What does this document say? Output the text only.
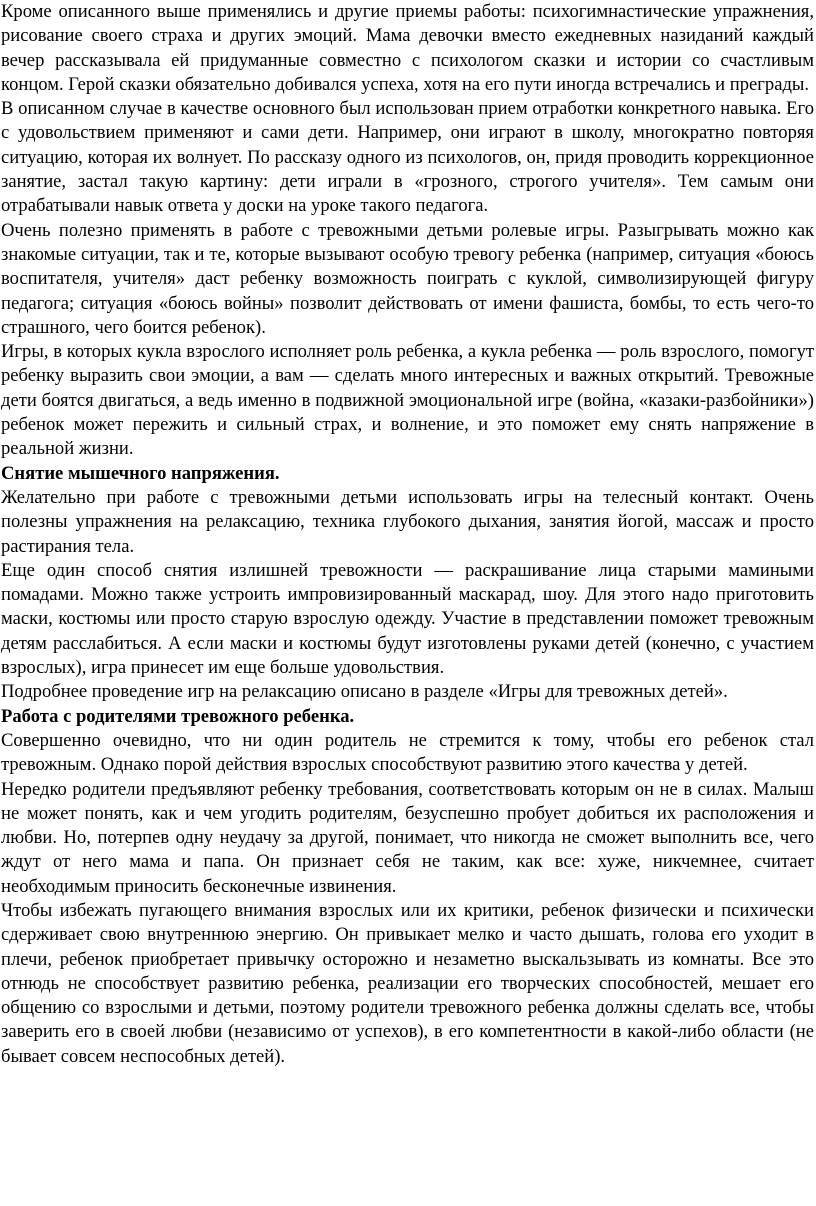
Кроме описанного выше применялись и другие приемы работы: психогимнастические упражнения, рисование своего страха и других эмоций. Мама девочки вместо ежедневных назиданий каждый вечер рассказывала ей придуманные совместно с психологом сказки и истории со счастливым концом. Герой сказки обязательно добивался успеха, хотя на его пути иногда встречались и преграды.

В описанном случае в качестве основного был использован прием отработки конкретного навыка. Его с удовольствием применяют и сами дети. Например, они играют в школу, многократно повторяя ситуацию, которая их волнует. По рассказу одного из психологов, он, придя проводить коррекционное занятие, застал такую картину: дети играли в «грозного, строгого учителя». Тем самым они отрабатывали навык ответа у доски на уроке такого педагога.

Очень полезно применять в работе с тревожными детьми ролевые игры. Разыгрывать можно как знакомые ситуации, так и те, которые вызывают особую тревогу ребенка (например, ситуация «боюсь воспитателя, учителя» даст ребенку возможность поиграть с куклой, символизирующей фигуру педагога; ситуация «боюсь войны» позволит действовать от имени фашиста, бомбы, то есть чего-то страшного, чего боится ребенок).

Игры, в которых кукла взрослого исполняет роль ребенка, а кукла ребенка — роль взрослого, помогут ребенку выразить свои эмоции, а вам — сделать много интересных и важных открытий. Тревожные дети боятся двигаться, а ведь именно в подвижной эмоциональной игре (война, «казаки-разбойники») ребенок может пережить и сильный страх, и волнение, и это поможет ему снять напряжение в реальной жизни.

Снятие мышечного напряжения.

Желательно при работе с тревожными детьми использовать игры на телесный контакт. Очень полезны упражнения на релаксацию, техника глубокого дыхания, занятия йогой, массаж и просто растирания тела.

Еще один способ снятия излишней тревожности — раскрашивание лица старыми мамиными помадами. Можно также устроить импровизированный маскарад, шоу. Для этого надо приготовить маски, костюмы или просто старую взрослую одежду. Участие в представлении поможет тревожным детям расслабиться. А если маски и костюмы будут изготовлены руками детей (конечно, с участием взрослых), игра принесет им еще больше удовольствия.

Подробнее проведение игр на релаксацию описано в разделе «Игры для тревожных детей».

Работа с родителями тревожного ребенка.

Совершенно очевидно, что ни один родитель не стремится к тому, чтобы его ребенок стал тревожным. Однако порой действия взрослых способствуют развитию этого качества у детей.

Нередко родители предъявляют ребенку требования, соответствовать которым он не в силах. Малыш не может понять, как и чем угодить родителям, безуспешно пробует добиться их расположения и любви. Но, потерпев одну неудачу за другой, понимает, что никогда не сможет выполнить все, чего ждут от него мама и папа. Он признает себя не таким, как все: хуже, никчемнее, считает необходимым приносить бесконечные извинения.

Чтобы избежать пугающего внимания взрослых или их критики, ребенок физически и психически сдерживает свою внутреннюю энергию. Он привыкает мелко и часто дышать, голова его уходит в плечи, ребенок приобретает привычку осторожно и незаметно выскальзывать из комнаты. Все это отнюдь не способствует развитию ребенка, реализации его творческих способностей, мешает его общению со взрослыми и детьми, поэтому родители тревожного ребенка должны сделать все, чтобы заверить его в своей любви (независимо от успехов), в его компетентности в какой-либо области (не бывает совсем неспособных детей).
